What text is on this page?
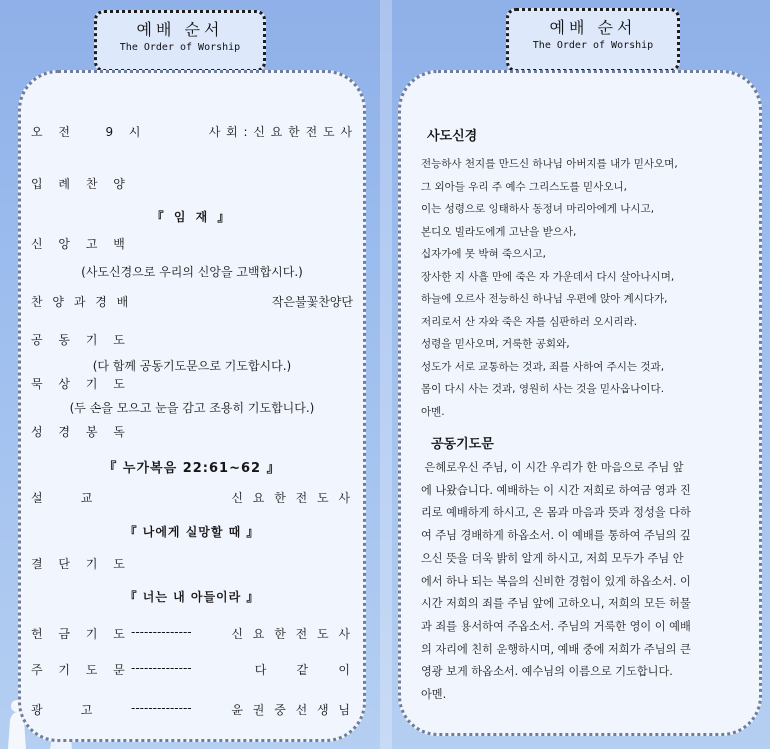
예배 순서
The Order of Worship
예배 순서
The Order of Worship
오 전   9 시	사 회 : 신 요 한 전 도 사
입 례 찬 양
『 임 재 』
신 앙 고 백
(사도신경으로 우리의 신앙을 고백합시다.)
찬 양 과 경 배	작은불꽃찬양단
공 동 기 도
(다 함께 공동기도문으로 기도합시다.)
묵 상 기 도
(두 손을 모으고 눈을 감고 조용히 기도합니다.)
성 경 봉 독
『 누가복음 22:61~62 』
설          교	신 요 한 전 도 사
『 나에게 실망할 때 』
결 단 기 도
『 너는 내 아들이라 』
헌 금 기 도 --------------	신 요 한 전 도 사
주 기 도 문 --------------	다    같    이
광          고	--------------	윤 권 중 선 생 님
사도신경
전능하사 천지를 만드신 하나님 아버지를 내가 믿사오며,
그 외아들 우리 주 예수 그리스도를 믿사오니,
이는 성령으로 잉태하사 동정녀 마리아에게 나시고,
본디오 빌라도에게 고난을 받으사,
십자가에 못 박혀 죽으시고,
장사한 지 사흘 만에 죽은 자 가운데서 다시 살아나시며,
하늘에 오르사 전능하신 하나님 우편에 앉아 계시다가,
저리로서 산 자와 죽은 자를 심판하러 오시리라.
성령을 믿사오며, 거룩한 공회와,
성도가 서로 교통하는 것과, 죄를 사하여 주시는 것과,
몸이 다시 사는 것과, 영원히 사는 것을 믿사옵나이다.
아멘.
공동기도문
은혜로우신 주님, 이 시간 우리가 한 마음으로 주님 앞
에 나왔습니다. 예배하는 이 시간 저희로 하여금 영과 진
리로 예배하게 하시고, 온 몸과 마음과 뜻과 정성을 다하
여 주님 경배하게 하옵소서. 이 예배를 통하여 주님의 깊
으신 뜻을 더욱 밝히 알게 하시고, 저희 모두가 주님 안
에서 하나 되는 복음의 신비한 경험이 있게 하옵소서. 이
시간 저희의 죄를 주님 앞에 고하오니, 저희의 모든 허물
과 죄를 용서하여 주옵소서. 주님의 거룩한 영이 이 예배
의 자리에 친히 운행하시며, 예배 중에 저희가 주님의 큰
영광 보게 하옵소서. 예수님의 이름으로 기도합니다.
아멘.
